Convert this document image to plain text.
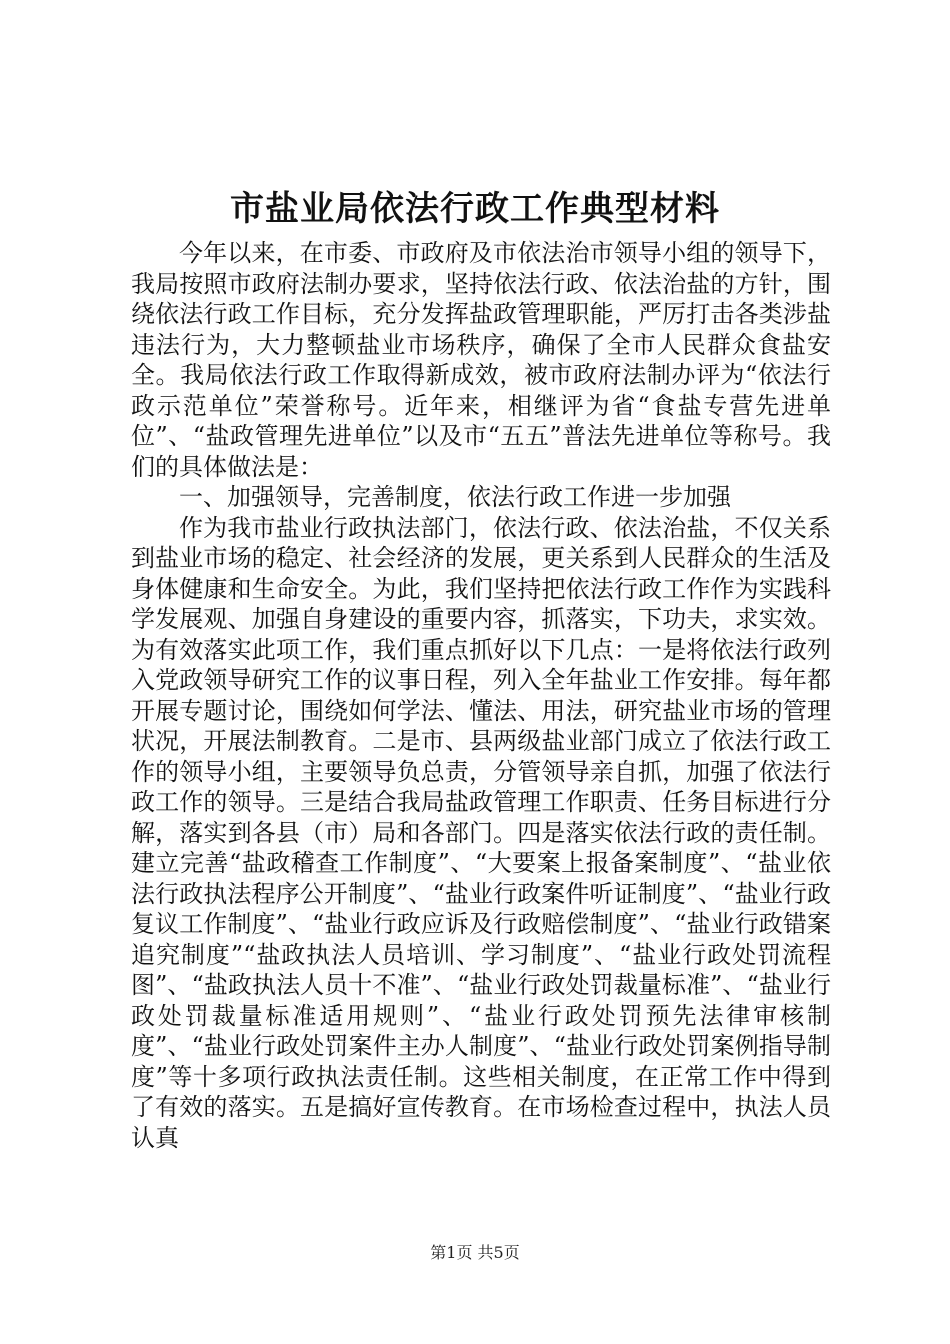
市盐业局依法行政工作典型材料

今年以来，在市委、市政府及市依法治市领导小组的领导下，我局按照市政府法制办要求，坚持依法行政、依法治盐的方针，围绕依法行政工作目标，充分发挥盐政管理职能，严厉打击各类涉盐违法行为，大力整顿盐业市场秩序，确保了全市人民群众食盐安全。我局依法行政工作取得新成效，被市政府法制办评为“依法行政示范单位”荣誉称号。近年来，相继评为省“食盐专营先进单位”、“盐政管理先进单位”以及市“五五”普法先进单位等称号。我们的具体做法是：

一、加强领导，完善制度，依法行政工作进一步加强

作为我市盐业行政执法部门，依法行政、依法治盐，不仅关系到盐业市场的稳定、社会经济的发展，更关系到人民群众的生活及身体健康和生命安全。为此，我们坚持把依法行政工作作为实践科学发展观、加强自身建设的重要内容，抓落实，下功夫，求实效。为有效落实此项工作，我们重点抓好以下几点：一是将依法行政列入党政领导研究工作的议事日程，列入全年盐业工作安排。每年都开展专题讨论，围绕如何学法、懂法、用法，研究盐业市场的管理状况，开展法制教育。二是市、县两级盐业部门成立了依法行政工作的领导小组，主要领导负总责，分管领导亲自抓，加强了依法行政工作的领导。三是结合我局盐政管理工作职责、任务目标进行分解，落实到各县（市）局和各部门。四是落实依法行政的责任制。建立完善“盐政稽查工作制度”、“大要案上报备案制度”、“盐业依法行政执法程序公开制度”、“盐业行政案件听证制度”、“盐业行政复议工作制度”、“盐业行政应诉及行政赔偿制度”、“盐业行政错案追究制度”“盐政执法人员培训、学习制度”、“盐业行政处罚流程图”、“盐政执法人员十不准”、“盐业行政处罚裁量标准”、“盐业行政处罚裁量标准适用规则”、“盐业行政处罚预先法律审核制度”、“盐业行政处罚案件主办人制度”、“盐业行政处罚案例指导制度”等十多项行政执法责任制。这些相关制度，在正常工作中得到了有效的落实。五是搞好宣传教育。在市场检查过程中，执法人员认真

第1页 共5页
